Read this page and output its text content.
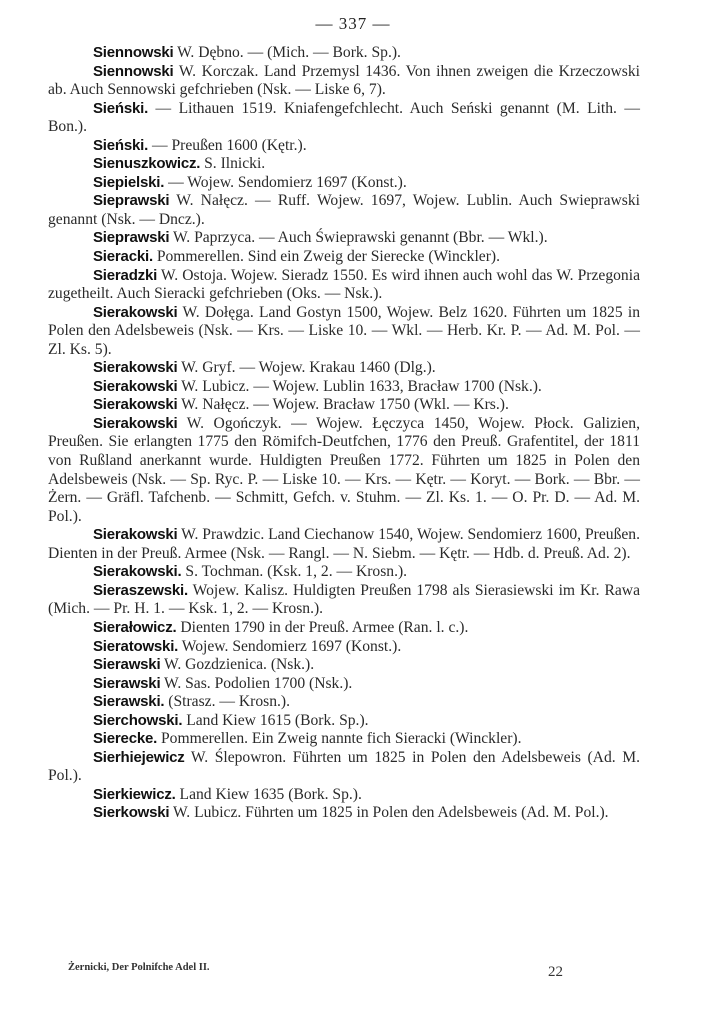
— 337 —

Siennowski W. Dębno. — (Mich. — Bork. Sp.).

Siennowski W. Korczak. Land Przemysl 1436. Von ihnen zweigen die Krzeczowski ab. Auch Sennowski gefchrieben (Nsk. — Liske 6, 7).

Sieński. — Lithauen 1519. Kniafengefchlecht. Auch Seński genannt (M. Lith. — Bon.).

Sieński. — Preußen 1600 (Kętr.).

Sienuszkowicz. S. Ilnicki.

Siepielski. — Wojew. Sendomierz 1697 (Konst.).

Sieprawski W. Nałęcz. — Ruff. Wojew. 1697, Wojew. Lublin. Auch Swieprawski genannt (Nsk. — Dncz.).

Sieprawski W. Paprzyca. — Auch Świeprawski genannt (Bbr. — Wkl.).

Sieracki. Pommerellen. Sind ein Zweig der Sierecke (Winckler).

Sieradzki W. Ostoja. Wojew. Sieradz 1550. Es wird ihnen auch wohl das W. Przegonia zugetheilt. Auch Sieracki gefchrieben (Oks. — Nsk.).

Sierakowski W. Dołęga. Land Gostyn 1500, Wojew. Belz 1620. Führten um 1825 in Polen den Adelsbeweis (Nsk. — Krs. — Liske 10. — Wkl. — Herb. Kr. P. — Ad. M. Pol. — Zl. Ks. 5).

Sierakowski W. Gryf. — Wojew. Krakau 1460 (Dlg.).

Sierakowski W. Lubicz. — Wojew. Lublin 1633, Bracław 1700 (Nsk.).

Sierakowski W. Nałęcz. — Wojew. Bracław 1750 (Wkl. — Krs.).

Sierakowski W. Ogończyk. — Wojew. Łęczyca 1450, Wojew. Płock. Galizien, Preußen. Sie erlangten 1775 den Römifch-Deutfchen, 1776 den Preuß. Grafentitel, der 1811 von Rußland anerkannt wurde. Huldigten Preußen 1772. Führten um 1825 in Polen den Adelsbeweis (Nsk. — Sp. Ryc. P. — Liske 10. — Krs. — Kętr. — Koryt. — Bork. — Bbr. — Żern. — Gräfl. Tafchenb. — Schmitt, Gefch. v. Stuhm. — Zl. Ks. 1. — O. Pr. D. — Ad. M. Pol.).

Sierakowski W. Prawdzic. Land Ciechanow 1540, Wojew. Sendomierz 1600, Preußen. Dienten in der Preuß. Armee (Nsk. — Rangl. — N. Siebm. — Kętr. — Hdb. d. Preuß. Ad. 2).

Sierakowski. S. Tochman. (Ksk. 1, 2. — Krosn.).

Sieraszewski. Wojew. Kalisz. Huldigten Preußen 1798 als Sierasiewski im Kr. Rawa (Mich. — Pr. H. 1. — Ksk. 1, 2. — Krosn.).

Sierałowicz. Dienten 1790 in der Preuß. Armee (Ran. l. c.).

Sieratowski. Wojew. Sendomierz 1697 (Konst.).

Sierawski W. Gozdzienica. (Nsk.).

Sierawski W. Sas. Podolien 1700 (Nsk.).

Sierawski. (Strasz. — Krosn.).

Sierchowski. Land Kiew 1615 (Bork. Sp.).

Sierecke. Pommerellen. Ein Zweig nannte fich Sieracki (Winckler).

Sierhiejewicz W. Ślepowron. Führten um 1825 in Polen den Adelsbeweis (Ad. M. Pol.).

Sierkiewicz. Land Kiew 1635 (Bork. Sp.).

Sierkowski W. Lubicz. Führten um 1825 in Polen den Adelsbeweis (Ad. M. Pol.).

Żernicki, Der Polnifche Adel II.	22
